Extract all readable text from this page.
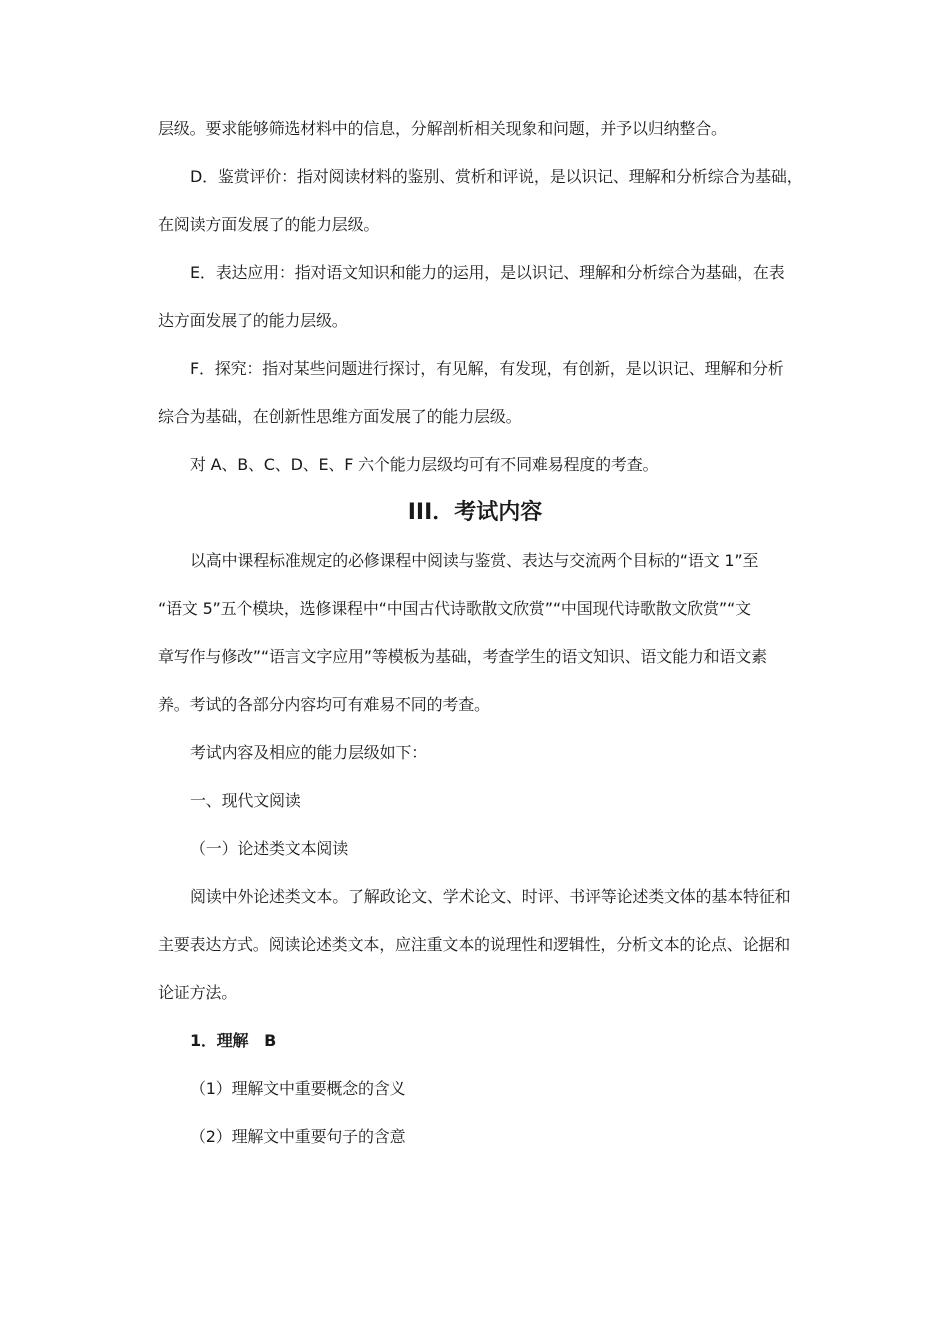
层级。要求能够筛选材料中的信息，分解剖析相关现象和问题，并予以归纳整合。
D．鉴赏评价：指对阅读材料的鉴别、赏析和评说，是以识记、理解和分析综合为基础，
在阅读方面发展了的能力层级。
E．表达应用：指对语文知识和能力的运用，是以识记、理解和分析综合为基础，在表
达方面发展了的能力层级。
F．探究：指对某些问题进行探讨，有见解，有发现，有创新，是以识记、理解和分析
综合为基础，在创新性思维方面发展了的能力层级。
对 A、B、C、D、E、F 六个能力层级均可有不同难易程度的考查。
III．考试内容
以高中课程标准规定的必修课程中阅读与鉴赏、表达与交流两个目标的“语文 1”至
“语文 5”五个模块，选修课程中“中国古代诗歌散文欣赏”“中国现代诗歌散文欣赏”“文
章写作与修改”“语言文字应用”等模板为基础，考查学生的语文知识、语文能力和语文素
养。考试的各部分内容均可有难易不同的考查。
考试内容及相应的能力层级如下：
一、现代文阅读
（一）论述类文本阅读
阅读中外论述类文本。了解政论文、学术论文、时评、书评等论述类文体的基本特征和
主要表达方式。阅读论述类文本，应注重文本的说理性和逻辑性，分析文本的论点、论据和
论证方法。
1．理解　B
（1）理解文中重要概念的含义
（2）理解文中重要句子的含意
